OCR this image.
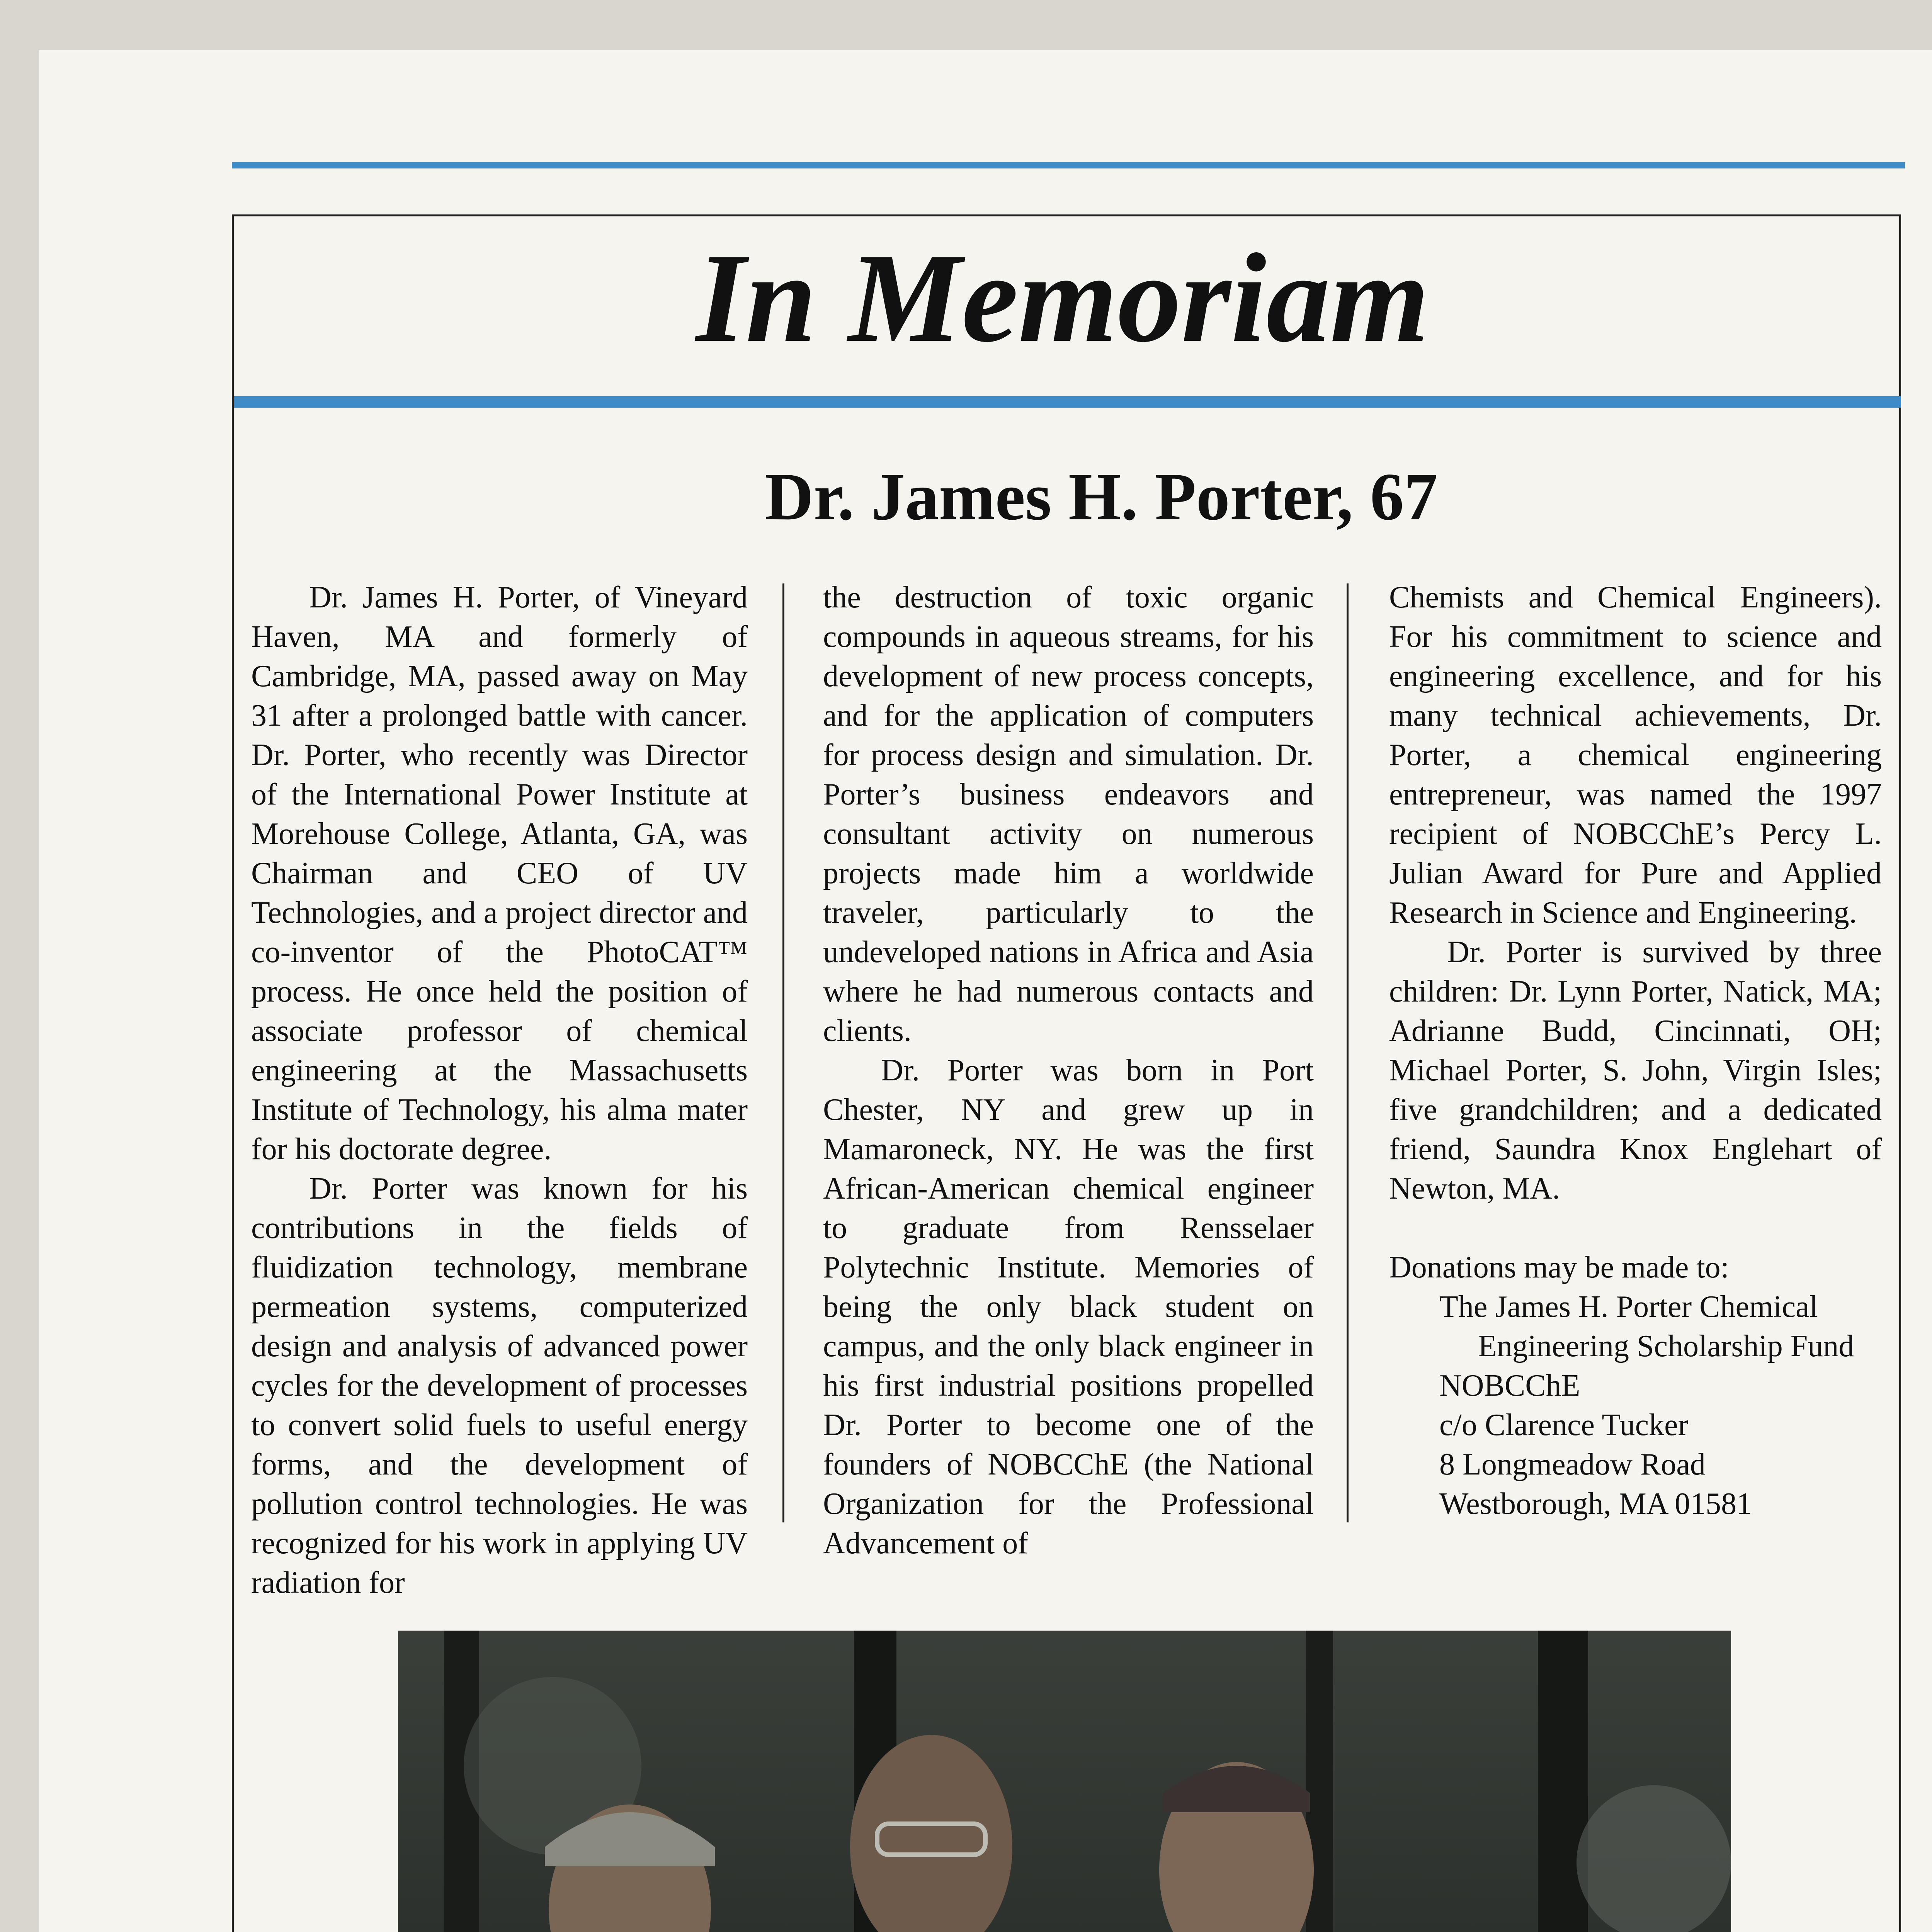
In Memoriam
Dr. James H. Porter, 67

Dr. James H. Porter, of Vineyard Haven, MA and formerly of Cambridge, MA, passed away on May 31 after a prolonged battle with cancer. Dr. Porter, who recently was Director of the International Power Institute at Morehouse College, Atlanta, GA, was Chairman and CEO of UV Technologies, and a project director and co-inventor of the PhotoCAT™ process. He once held the position of associate professor of chemical engineering at the Massachusetts Institute of Technology, his alma mater for his doctorate degree.

Dr. Porter was known for his contributions in the fields of fluidization technology, membrane permeation systems, computerized design and analysis of advanced power cycles for the development of processes to convert solid fuels to useful energy forms, and the development of pollution control technologies. He was recognized for his work in applying UV radiation for

the destruction of toxic organic compounds in aqueous streams, for his development of new process concepts, and for the application of computers for process design and simulation. Dr. Porter’s business endeavors and consultant activity on numerous projects made him a worldwide traveler, particularly to the undeveloped nations in Africa and Asia where he had numerous contacts and clients.

Dr. Porter was born in Port Chester, NY and grew up in Mamaroneck, NY. He was the first African-American chemical engineer to graduate from Rensselaer Polytechnic Institute. Memories of being the only black student on campus, and the only black engineer in his first industrial positions propelled Dr. Porter to become one of the founders of NOBCChE (the National Organization for the Professional Advancement of

Chemists and Chemical Engineers). For his commitment to science and engineering excellence, and for his many technical achievements, Dr. Porter, a chemical engineering entrepreneur, was named the 1997 recipient of NOBCChE’s Percy L. Julian Award for Pure and Applied Research in Science and Engineering.

Dr. Porter is survived by three children: Dr. Lynn Porter, Natick, MA; Adrianne Budd, Cincinnati, OH; Michael Porter, S. John, Virgin Isles; five grandchildren; and a dedicated friend, Saundra Knox Englehart of Newton, MA.

Donations may be made to:
The James H. Porter Chemical
Engineering Scholarship Fund
NOBCChE
c/o Clarence Tucker
8 Longmeadow Road
Westborough, MA 01581
